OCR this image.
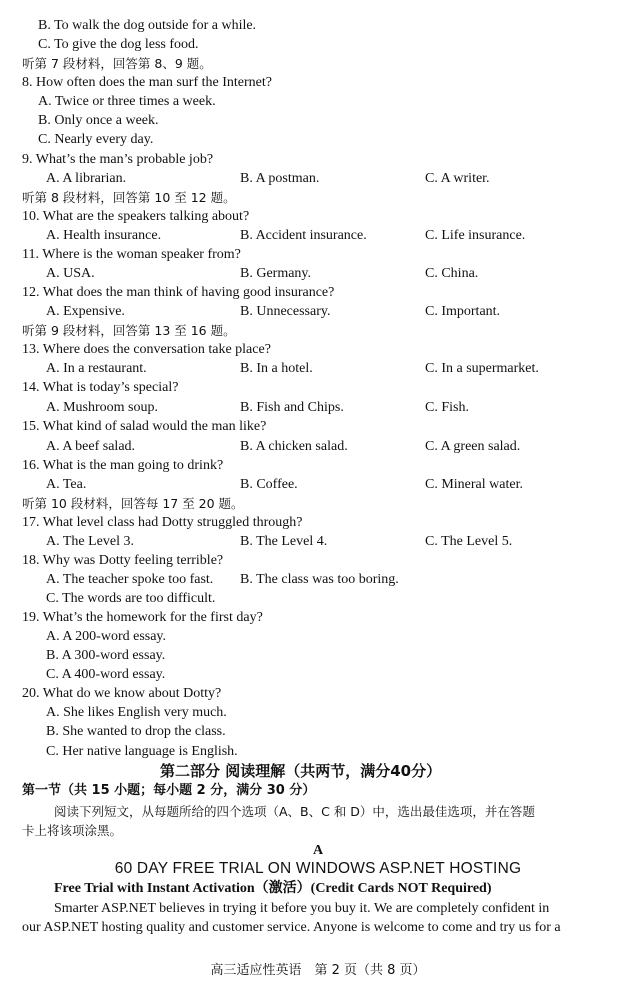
B. To walk the dog outside for a while.
C. To give the dog less food.
听第 7 段材料，回答第 8、9 题。
8. How often does the man surf the Internet?
A. Twice or three times a week.
B. Only once a week.
C. Nearly every day.
9. What’s the man’s probable job?
A. A librarian.	B. A postman.	C. A writer.
听第 8 段材料，回答第 10 至 12 题。
10. What are the speakers talking about?
A. Health insurance.	B. Accident insurance.	C. Life insurance.
11. Where is the woman speaker from?
A. USA.	B. Germany.	C. China.
12. What does the man think of having good insurance?
A. Expensive.	B. Unnecessary.	C. Important.
听第 9 段材料，回答第 13 至 16 题。
13. Where does the conversation take place?
A. In a restaurant.	B. In a hotel.	C. In a supermarket.
14. What is today’s special?
A. Mushroom soup.	B. Fish and Chips.	C. Fish.
15. What kind of salad would the man like?
A. A beef salad.	B. A chicken salad.	C. A green salad.
16. What is the man going to drink?
A. Tea.	B. Coffee.	C. Mineral water.
听第 10 段材料，回答每 17 至 20 题。
17. What level class had Dotty struggled through?
A. The Level 3.	B. The Level 4.	C. The Level 5.
18. Why was Dotty feeling terrible?
A. The teacher spoke too fast. B. The class was too boring.
C. The words are too difficult.
19. What’s the homework for the first day?
A. A 200-word essay.
B. A 300-word essay.
C. A 400-word essay.
20. What do we know about Dotty?
A. She likes English very much.
B. She wanted to drop the class.
C. Her native language is English.
第二部分 阅读理解（共两节，满分40分）
第一节（共 15 小题；每小题 2 分，满分 30 分）
阅读下列短文，从每题所给的四个选项（A、B、C 和 D）中，选出最佳选项，并在答题
卡上将该项涂黑。
A
60 DAY FREE TRIAL ON WINDOWS ASP.NET HOSTING
Free Trial with Instant Activation（激活）(Credit Cards NOT Required)
Smarter ASP.NET believes in trying it before you buy it. We are completely confident in
our ASP.NET hosting quality and customer service. Anyone is welcome to come and try us for a
高三适应性英语　第 2 页（共 8 页）
